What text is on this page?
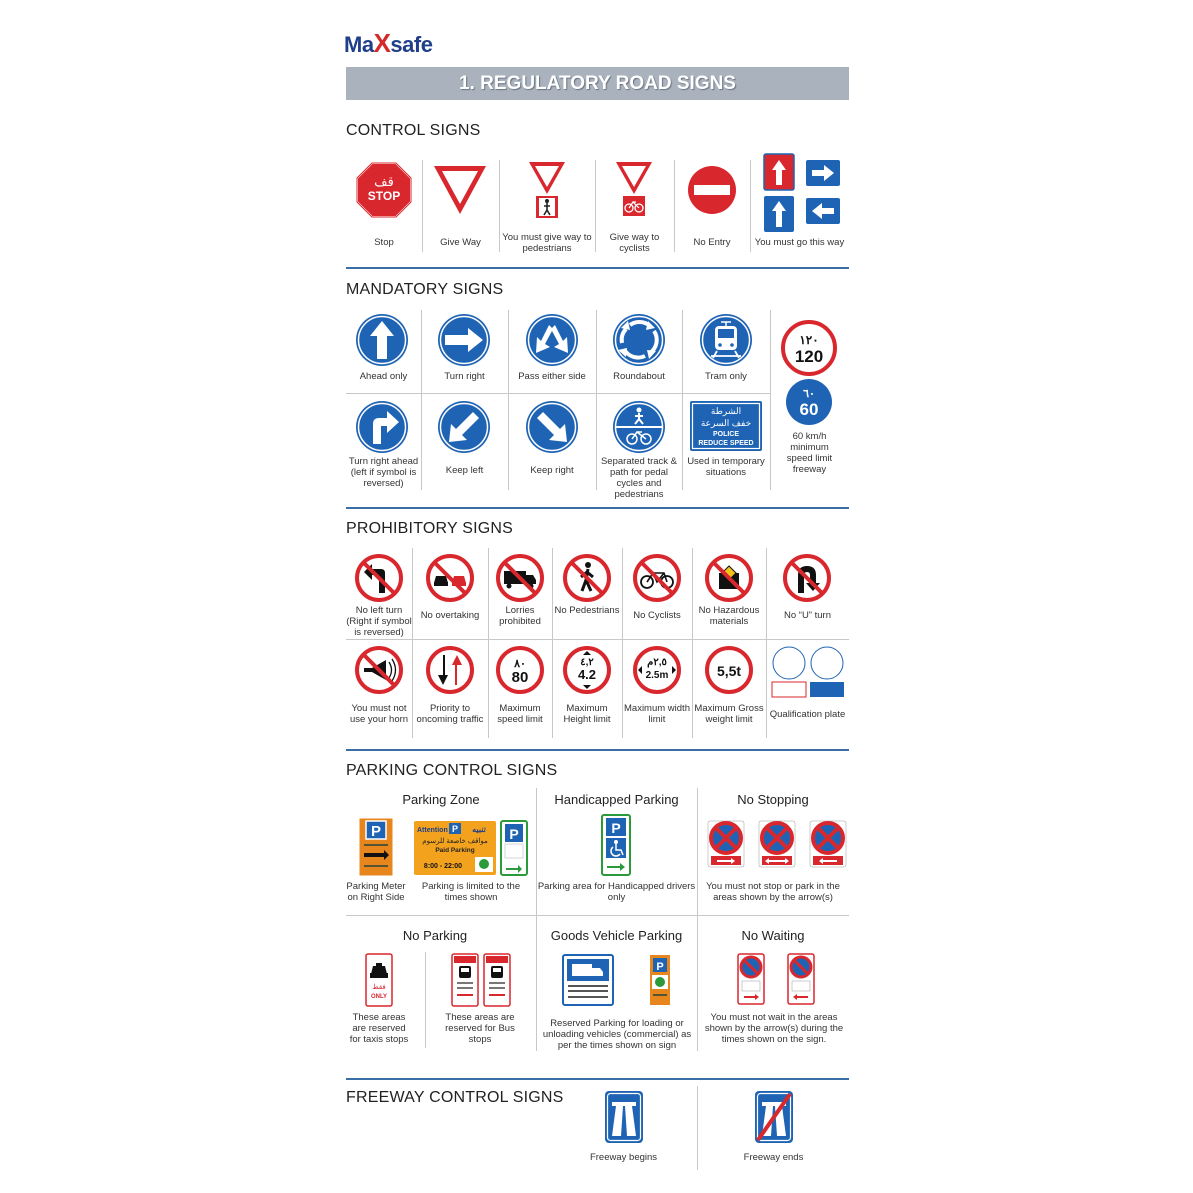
MaXsafe
1. REGULATORY ROAD SIGNS
CONTROL SIGNS
قف
STOP
Stop	Give Way	You must give way to pedestrians
Give way to cyclists
No Entry	You must go this way
MANDATORY SIGNS
Ahead only	Turn right	Pass either side	Roundabout	Tram only
١٢٠
120
٦٠
60
60 km/h minimum speed limit freeway
Turn right ahead (left if symbol is reversed)
Keep left	Keep right
Separated track & path for pedal cycles and pedestrians
الشرطة
خفف السرعة
POLICE
REDUCE SPEED
Used in temporary situations
PROHIBITORY SIGNS
No left turn (Right if symbol is reversed)
No overtaking	Lorries prohibited
No Pedestrians	No Cyclists	No Hazardous materials
No “U” turn
You must not use your horn
Priority to oncoming traffic
٨٠
80
Maximum speed limit
٤,٢
4.2
Maximum Height limit
٢,٥م
2.5m
Maximum width limit
5,5t
Maximum Gross weight limit	Qualification plate
PARKING CONTROL SIGNS
Parking Zone
P
Parking Meter on Right Side
Attention P تنبيه
مواقف خاصعة للرسوم
Paid Parking
8:00 - 22:00
P
Parking is limited to the times shown
Handicapped Parking
P
Parking area for Handicapped drivers only
No Stopping
You must not stop or park in the areas shown by the arrow(s)
No Parking
فقط
ONLY
These areas are reserved for taxis stops
These areas are reserved for Bus stops
Goods Vehicle Parking
P
Reserved Parking for loading or unloading vehicles (commercial) as per the times shown on sign
No Waiting
You must not wait in the areas shown by the arrow(s) during the times shown on the sign.
FREEWAY CONTROL SIGNS
Freeway begins	Freeway ends
